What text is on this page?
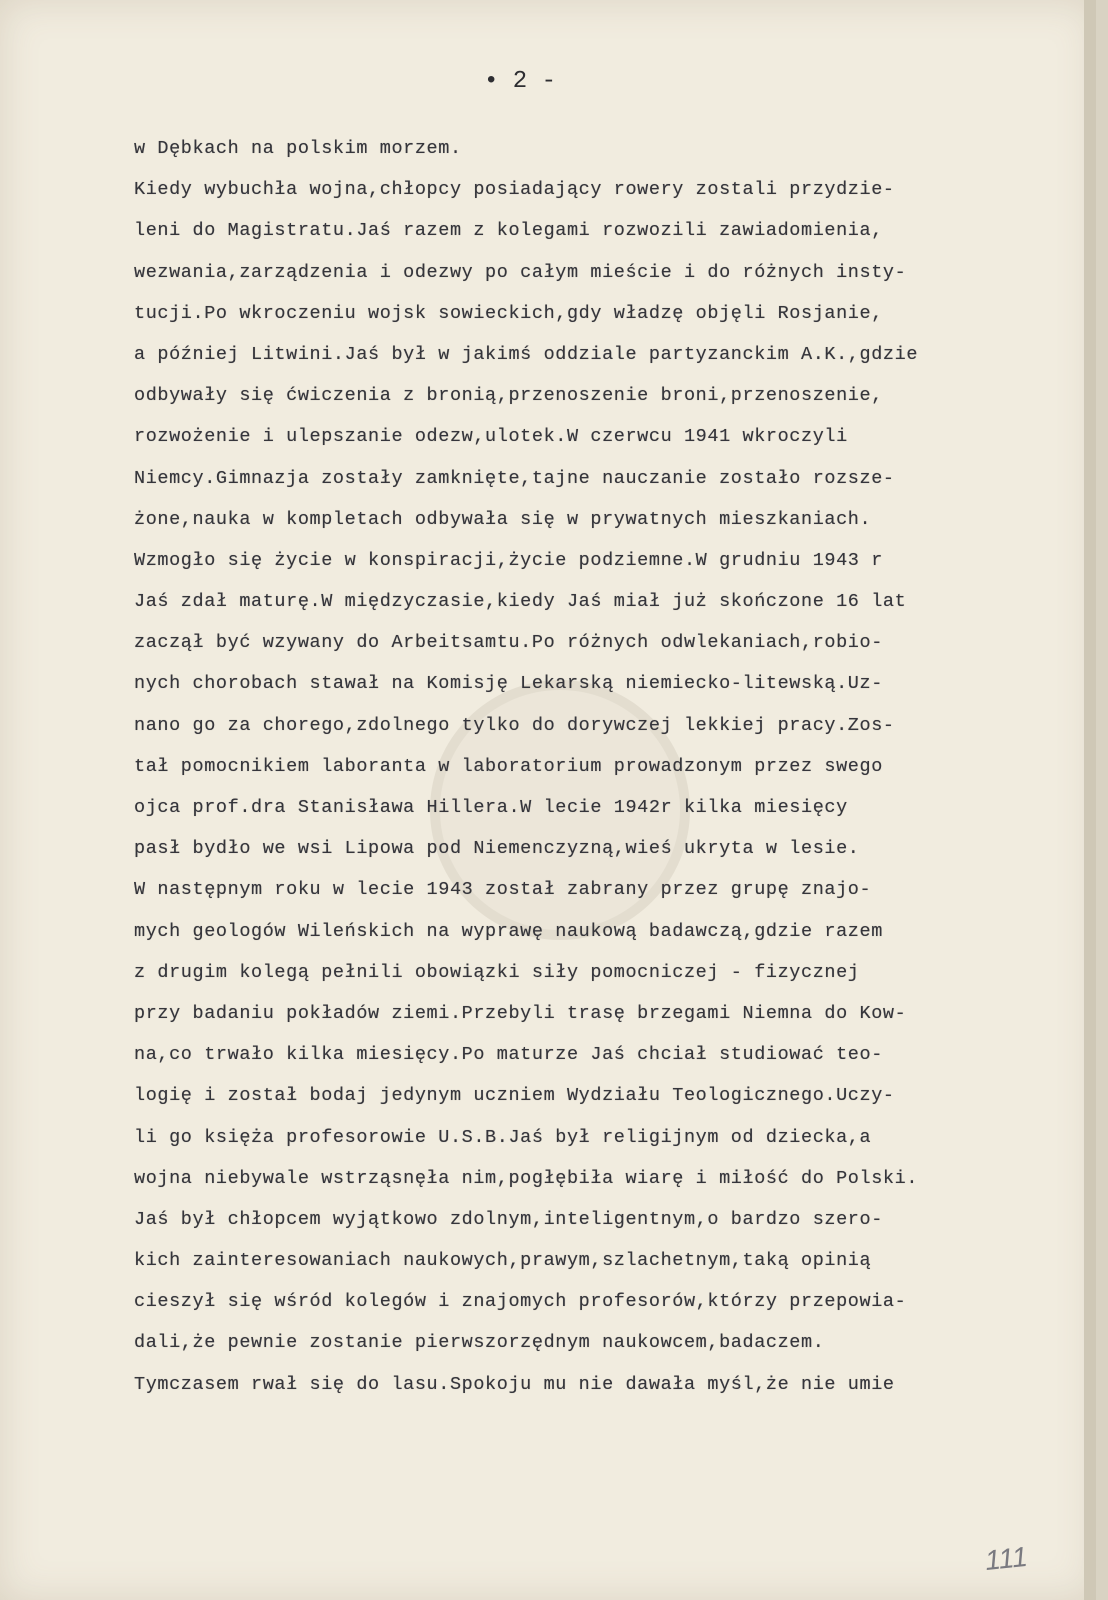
• 2 -
w Dębkach na polskim morzem.
Kiedy wybuchła wojna,chłopcy posiadający rowery zostali przydzie-
leni do Magistratu.Jaś razem z kolegami rozwozili zawiadomienia,
wezwania,zarządzenia i odezwy po całym mieście i do różnych insty-
tucji.Po wkroczeniu wojsk sowieckich,gdy władzę objęli Rosjanie,
a później Litwini.Jaś był w jakimś oddziale partyzanckim A.K.,gdzie
odbywały się ćwiczenia z bronią,przenoszenie broni,przenoszenie,
rozwożenie i ulepszanie odezw,ulotek.W czerwcu 1941 wkroczyli
Niemcy.Gimnazja zostały zamknięte,tajne nauczanie zostało rozsze-
żone,nauka w kompletach odbywała się w prywatnych mieszkaniach.
Wzmogło się życie w konspiracji,życie podziemne.W grudniu 1943 r
Jaś zdał maturę.W międzyczasie,kiedy Jaś miał już skończone 16 lat
zaczął być wzywany do Arbeitsamtu.Po różnych odwlekaniach,robio-
nych chorobach stawał na Komisję Lekarską niemiecko-litewską.Uz-
nano go za chorego,zdolnego tylko do dorywczej lekkiej pracy.Zos-
tał pomocnikiem laboranta w laboratorium prowadzonym przez swego
ojca prof.dra Stanisława Hillera.W lecie 1942r kilka miesięcy
pasł bydło we wsi Lipowa pod Niemenczyzną,wieś ukryta w lesie.
W następnym roku w lecie 1943 został zabrany przez grupę znajo-
mych geologów Wileńskich na wyprawę naukową badawczą,gdzie razem
z drugim kolegą pełnili obowiązki siły pomocniczej - fizycznej
przy badaniu pokładów ziemi.Przebyli trasę brzegami Niemna do Kow-
na,co trwało kilka miesięcy.Po maturze Jaś chciał studiować teo-
logię i został bodaj jedynym uczniem Wydziału Teologicznego.Uczy-
li go księża profesorowie U.S.B.Jaś był religijnym od dziecka,a
wojna niebywale wstrząsnęła nim,pogłębiła wiarę i miłość do Polski.
Jaś był chłopcem wyjątkowo zdolnym,inteligentnym,o bardzo szero-
kich zainteresowaniach naukowych,prawym,szlachetnym,taką opinią
cieszył się wśród kolegów i znajomych profesorów,którzy przepowia-
dali,że pewnie zostanie pierwszorzędnym naukowcem,badaczem.
Tymczasem rwał się do lasu.Spokoju mu nie dawała myśl,że nie umie
111
